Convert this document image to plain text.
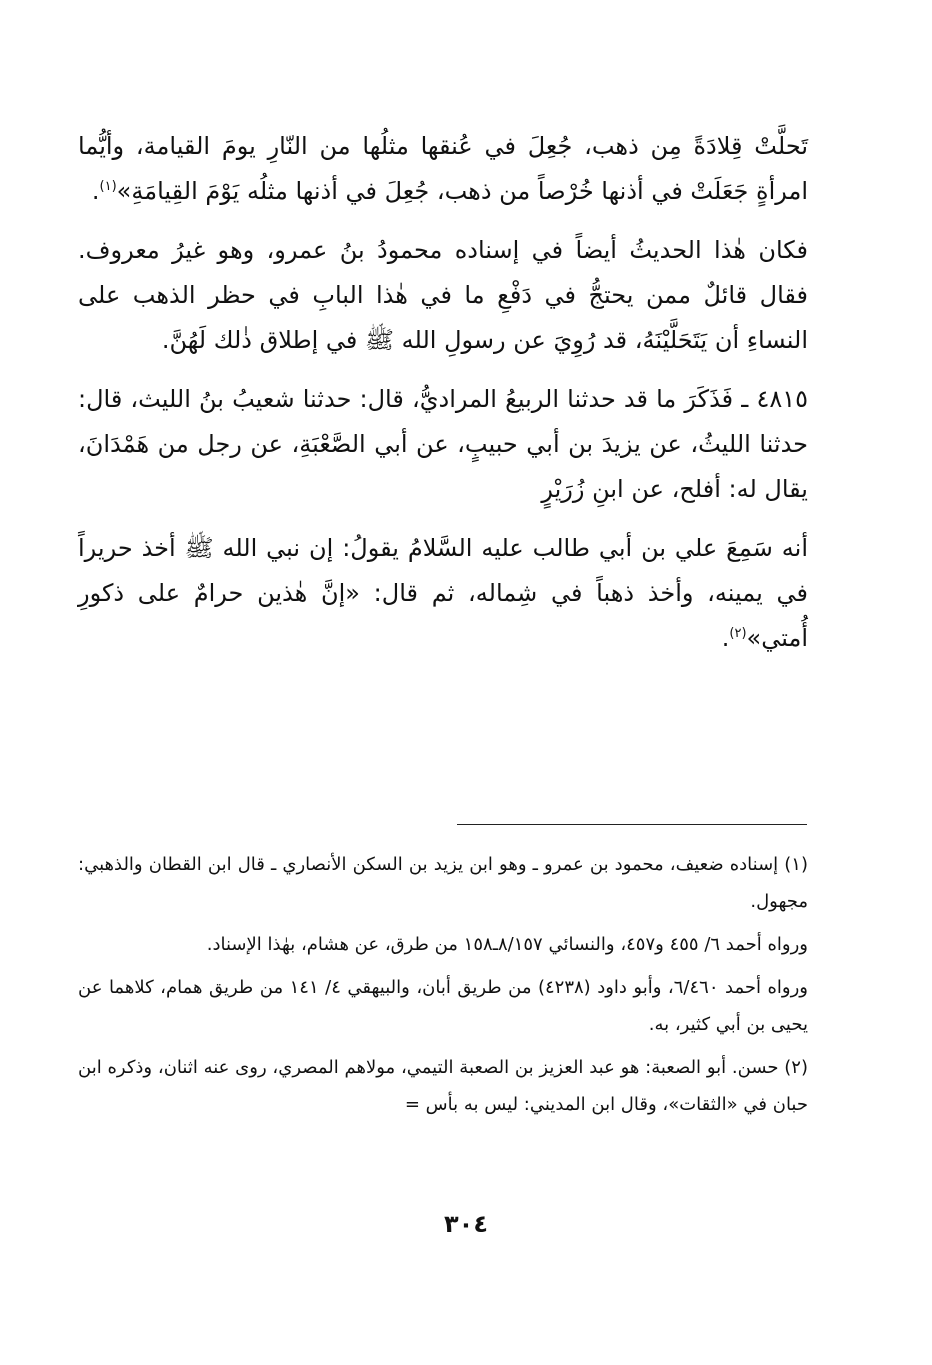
تَحلَّتْ قِلادَةً مِن ذهب، جُعِلَ في عُنقها مثلُها من النّارِ يومَ القيامة، وأيُّما امرأةٍ جَعَلَتْ في أذنها خُرْصاً من ذهب، جُعِلَ في أذنها مثلُه يَوْمَ القِيامَةِ»$^{(١)}$.

فكان هٰذا الحديثُ أيضاً في إسناده محمودُ بنُ عمرو، وهو غيرُ معروف. فقال قائلٌ ممن يحتجُّ في دَفْعِ ما في هٰذا البابِ في حظر الذهب على النساءِ أن يَتَحَلَّيْنَهُ، قد رُوِيَ عن رسولِ الله ﷺ في إطلاق ذٰلك لَهُنَّ.

٤٨١٥ ـ فَذَكَرَ ما قد حدثنا الربيعُ المراديُّ، قال: حدثنا شعيبُ بنُ الليث، قال: حدثنا الليثُ، عن يزيدَ بن أبي حبيبٍ، عن أبي الصَّعْبَةِ، عن رجل من هَمْدَانَ، يقال له: أفلح، عن ابنِ زُرَيْرٍ

أنه سَمِعَ علي بن أبي طالب عليه السَّلامُ يقولُ: إن نبي الله ﷺ أخذ حريراً في يمينه، وأخذ ذهباً في شِماله، ثم قال: «إنَّ هٰذين حرامٌ على ذكورِ أُمتي»$^{(٢)}$.

(١) إسناده ضعيف، محمود بن عمرو ـ وهو ابن يزيد بن السكن الأنصاري ـ قال ابن القطان والذهبي: مجهول.

ورواه أحمد ٦/ ٤٥٥ و٤٥٧، والنسائي ٨/١٥٧ـ١٥٨ من طرق، عن هشام، بهٰذا الإسناد.

ورواه أحمد ٦/٤٦٠، وأبو داود (٤٢٣٨) من طريق أبان، والبيهقي ٤/ ١٤١ من طريق همام، كلاهما عن يحيى بن أبي كثير، به.

(٢) حسن. أبو الصعبة: هو عبد العزيز بن الصعبة التيمي، مولاهم المصري، روى عنه اثنان، وذكره ابن حبان في «الثقات»، وقال ابن المديني: ليس به بأس =

٣٠٤
